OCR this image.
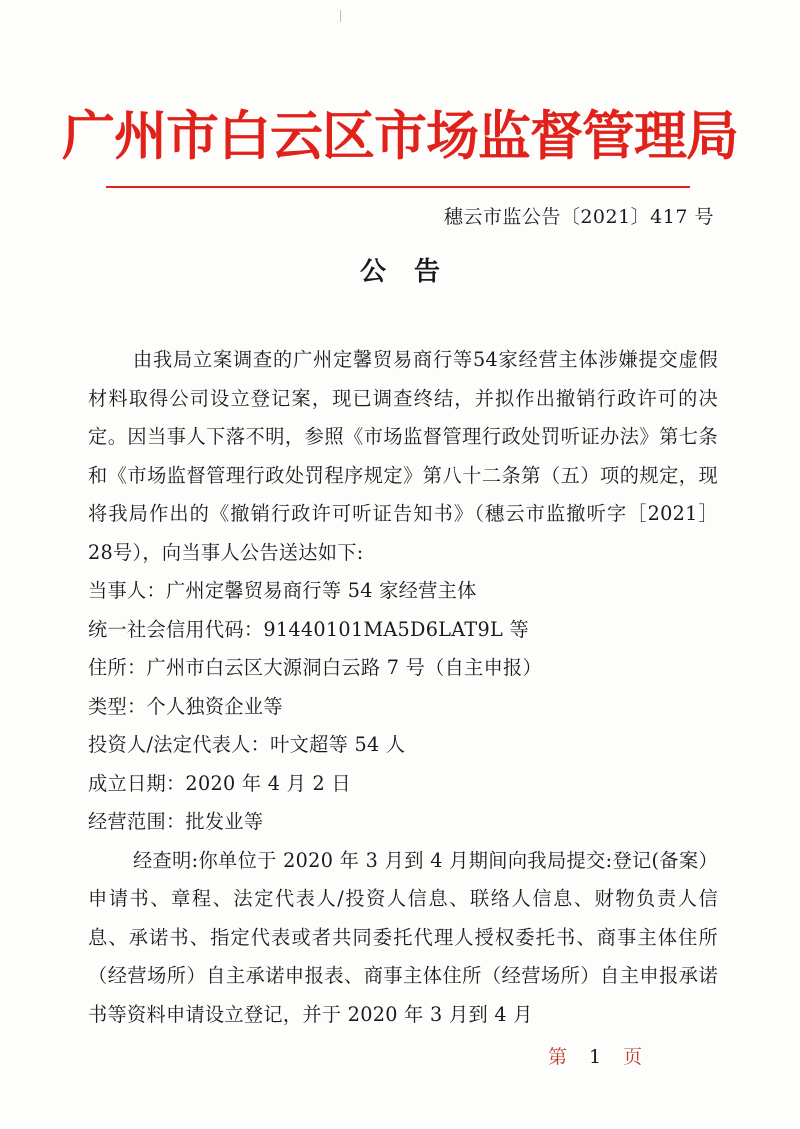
广州市白云区市场监督管理局
穗云市监公告〔2021〕417 号
公告

由我局立案调查的广州定馨贸易商行等54家经营主体涉嫌提交虚假材料取得公司设立登记案，现已调查终结，并拟作出撤销行政许可的决定。因当事人下落不明，参照《市场监督管理行政处罚听证办法》第七条和《市场监督管理行政处罚程序规定》第八十二条第（五）项的规定，现将我局作出的《撤销行政许可听证告知书》（穗云市监撤听字［2021］28号），向当事人公告送达如下:

当事人：广州定馨贸易商行等 54 家经营主体

统一社会信用代码：91440101MA5D6LAT9L 等

住所：广州市白云区大源洞白云路 7 号（自主申报）

类型：个人独资企业等

投资人/法定代表人：叶文超等 54 人

成立日期：2020 年 4 月 2 日

经营范围：批发业等

经查明:你单位于 2020 年 3 月到 4 月期间向我局提交:登记(备案）申请书、章程、法定代表人/投资人信息、联络人信息、财物负责人信息、承诺书、指定代表或者共同委托代理人授权委托书、商事主体住所（经营场所）自主承诺申报表、商事主体住所（经营场所）自主申报承诺书等资料申请设立登记，并于 2020 年 3 月到 4 月

第 1 页
